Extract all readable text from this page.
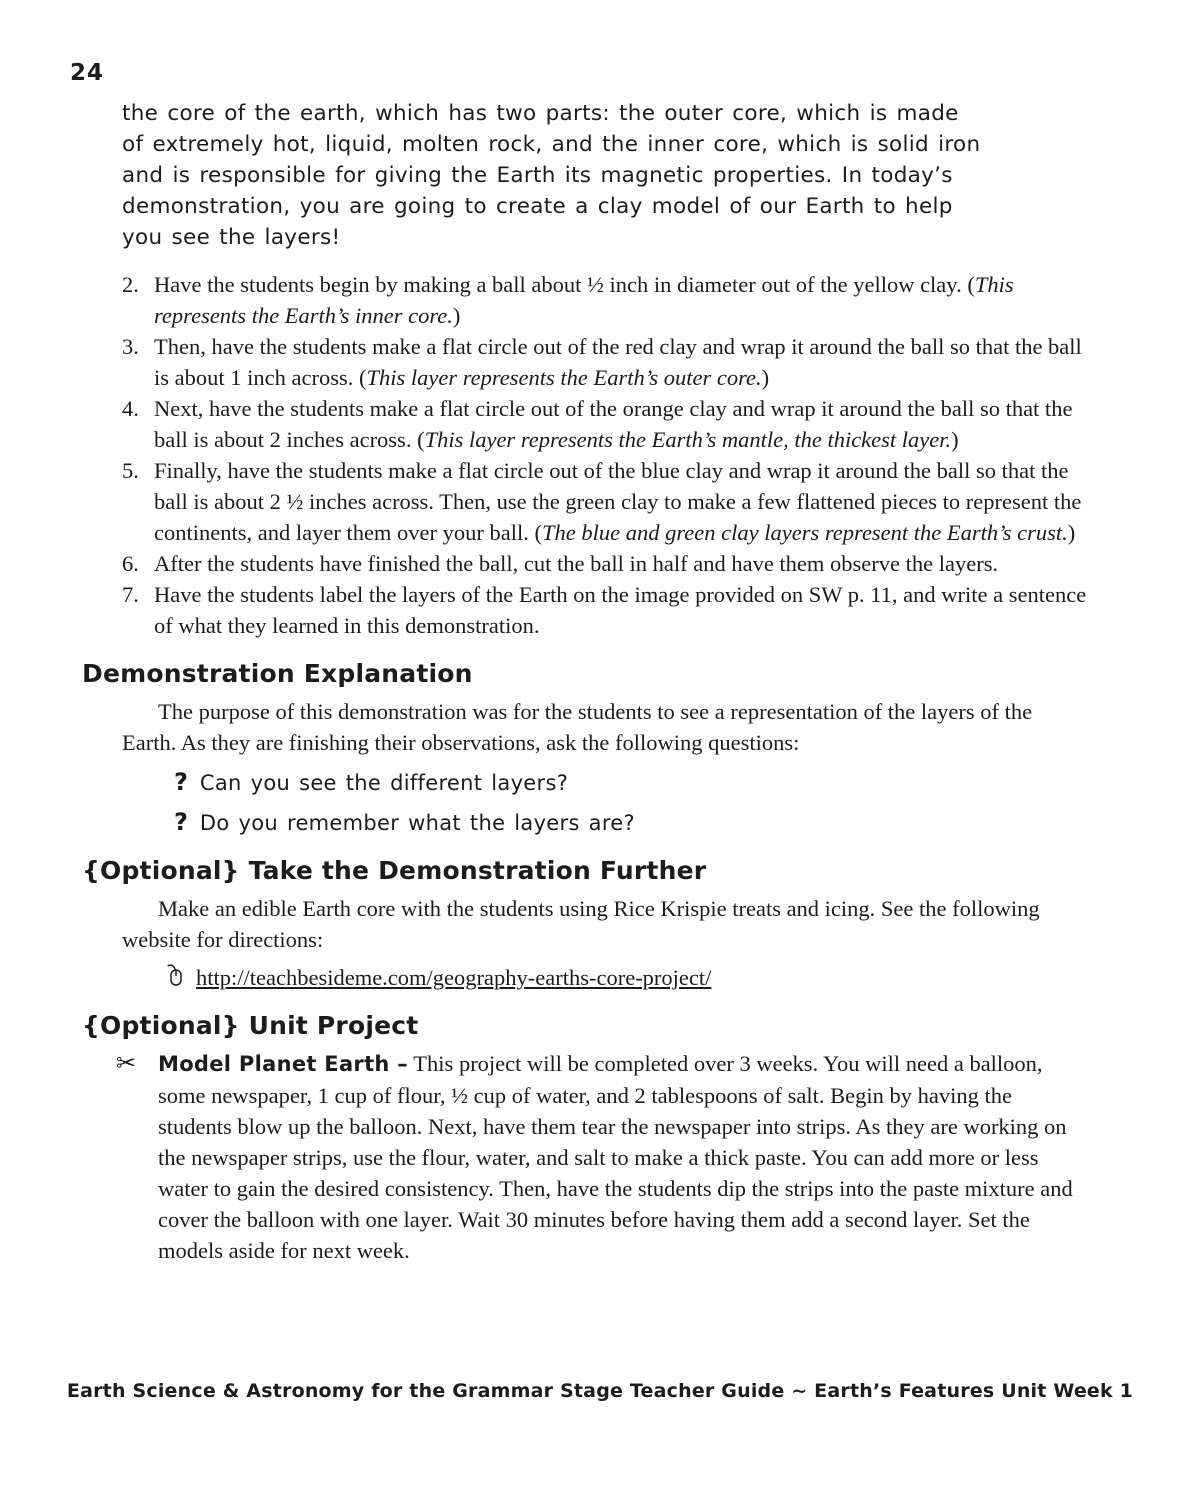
24

the core of the earth, which has two parts: the outer core, which is made of extremely hot, liquid, molten rock, and the inner core, which is solid iron and is responsible for giving the Earth its magnetic properties. In today’s demonstration, you are going to create a clay model of our Earth to help you see the layers!

2. Have the students begin by making a ball about ½ inch in diameter out of the yellow clay. (This represents the Earth’s inner core.)
3. Then, have the students make a flat circle out of the red clay and wrap it around the ball so that the ball is about 1 inch across. (This layer represents the Earth’s outer core.)
4. Next, have the students make a flat circle out of the orange clay and wrap it around the ball so that the ball is about 2 inches across. (This layer represents the Earth’s mantle, the thickest layer.)
5. Finally, have the students make a flat circle out of the blue clay and wrap it around the ball so that the ball is about 2 ½ inches across. Then, use the green clay to make a few flattened pieces to represent the continents, and layer them over your ball. (The blue and green clay layers represent the Earth’s crust.)
6. After the students have finished the ball, cut the ball in half and have them observe the layers.
7. Have the students label the layers of the Earth on the image provided on SW p. 11, and write a sentence of what they learned in this demonstration.
Demonstration Explanation

The purpose of this demonstration was for the students to see a representation of the layers of the Earth. As they are finishing their observations, ask the following questions:

? Can you see the different layers?
? Do you remember what the layers are?
{Optional} Take the Demonstration Further

Make an edible Earth core with the students using Rice Krispie treats and icing. See the following website for directions:

http://teachbesideme.com/geography-earths-core-project/
{Optional} Unit Project
✂ Model Planet Earth – This project will be completed over 3 weeks. You will need a balloon, some newspaper, 1 cup of flour, ½ cup of water, and 2 tablespoons of salt. Begin by having the students blow up the balloon. Next, have them tear the newspaper into strips. As they are working on the newspaper strips, use the flour, water, and salt to make a thick paste. You can add more or less water to gain the desired consistency. Then, have the students dip the strips into the paste mixture and cover the balloon with one layer. Wait 30 minutes before having them add a second layer. Set the models aside for next week.
Earth Science & Astronomy for the Grammar Stage Teacher Guide ~ Earth’s Features Unit Week 1
